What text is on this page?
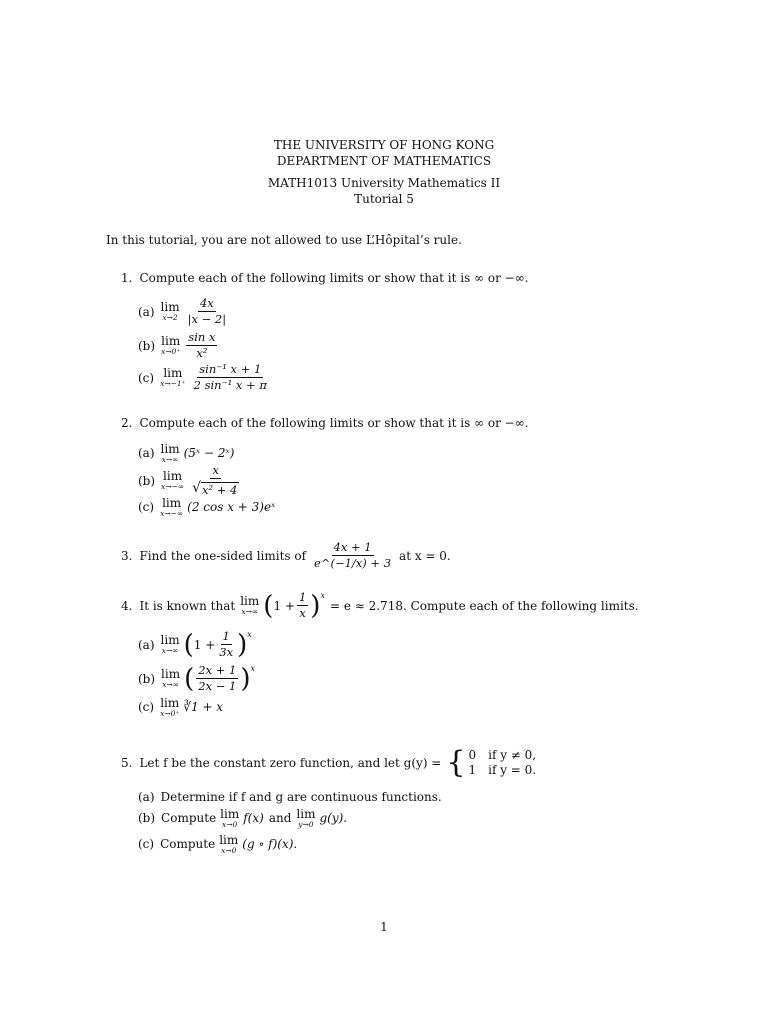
THE UNIVERSITY OF HONG KONG
DEPARTMENT OF MATHEMATICS
MATH1013 University Mathematics II
Tutorial 5
In this tutorial, you are not allowed to use L’Hôpital’s rule.
1. Compute each of the following limits or show that it is ∞ or −∞.
(a) lim
$x\to 2 \frac{4x}{|x - 2|}$
(b) lim
$x\to 0^+ \frac{\text{sin x}}{\text{x²}}$
(c) lim
$x\to-1^+ \frac{\text{sin⁻¹ x + 1}}{\text{2 sin⁻¹ x + π}}$
2. Compute each of the following limits or show that it is ∞ or −∞.
(a) lim
x→∞ (5ˣ − 2ˣ)
(b) lim
$x\to-\infty \frac{x}{\text{√ x² + 4}}$
(c) lim
x→−∞ (2 cos x + 3)eˣ
3. Find the one-sided limits of $\frac{4x + 1}{e\^{}(-1/x) + 3}$ at x = 0.
4. It is known that lim
x→∞ ( $1 + \frac{1}{x}$ ) x
= e ≈ 2.718. Compute each of the following limits.
(a) lim
x→∞ ( $1 + \frac{1}{3x}$ ) x
(b) lim
x→∞ ( $\frac{2x + 1}{2x - 1}$ ) x
(c) lim
x→0⁺ ∛1 + x
5. Let f be the constant zero function, and let g(y) = { 0 if y ≠ 0,
1 if y = 0.
(a) Determine if f and g are continuous functions.
(b) Compute lim
x→0 f(x) and lim
y→0 g(y).
(c) Compute lim
x→0 (g ∘ f)(x).
1
